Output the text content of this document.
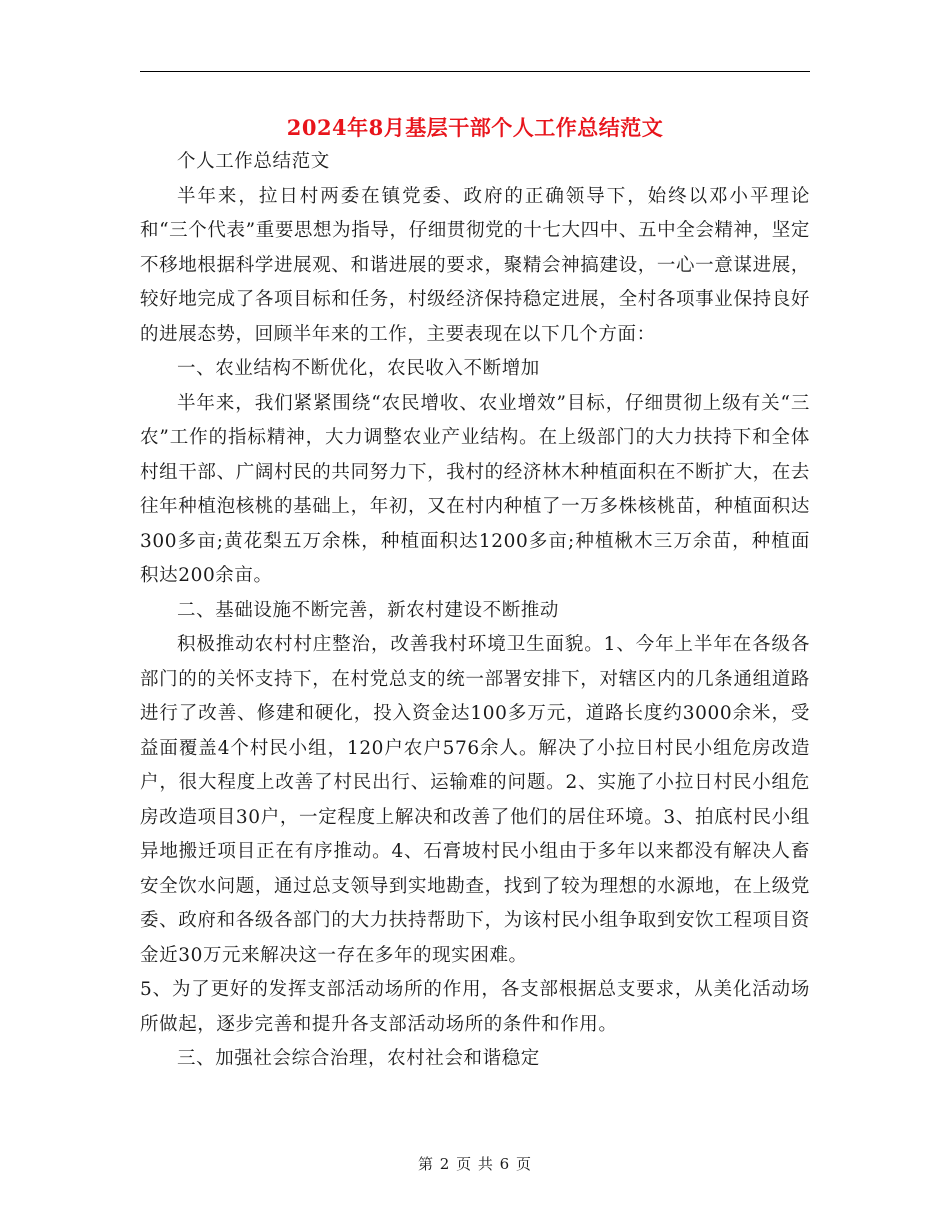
2024年8月基层干部个人工作总结范文

个人工作总结范文

半年来，拉日村两委在镇党委、政府的正确领导下，始终以邓小平理论和“三个代表”重要思想为指导，仔细贯彻党的十七大四中、五中全会精神，坚定不移地根据科学进展观、和谐进展的要求，聚精会神搞建设，一心一意谋进展，较好地完成了各项目标和任务，村级经济保持稳定进展，全村各项事业保持良好的进展态势，回顾半年来的工作，主要表现在以下几个方面：

一、农业结构不断优化，农民收入不断增加

半年来，我们紧紧围绕“农民增收、农业增效”目标，仔细贯彻上级有关“三农”工作的指标精神，大力调整农业产业结构。在上级部门的大力扶持下和全体村组干部、广阔村民的共同努力下，我村的经济林木种植面积在不断扩大，在去往年种植泡核桃的基础上，年初，又在村内种植了一万多株核桃苗，种植面积达300多亩;黄花梨五万余株，种植面积达1200多亩;种植楸木三万余苗，种植面积达200余亩。

二、基础设施不断完善，新农村建设不断推动

积极推动农村村庄整治，改善我村环境卫生面貌。1、今年上半年在各级各部门的的关怀支持下，在村党总支的统一部署安排下，对辖区内的几条通组道路进行了改善、修建和硬化，投入资金达100多万元，道路长度约3000余米，受益面覆盖4个村民小组，120户农户576余人。解决了小拉日村民小组危房改造户，很大程度上改善了村民出行、运输难的问题。2、实施了小拉日村民小组危房改造项目30户，一定程度上解决和改善了他们的居住环境。3、拍底村民小组异地搬迁项目正在有序推动。4、石膏坡村民小组由于多年以来都没有解决人畜安全饮水问题，通过总支领导到实地勘查，找到了较为理想的水源地，在上级党委、政府和各级各部门的大力扶持帮助下，为该村民小组争取到安饮工程项目资金近30万元来解决这一存在多年的现实困难。

5、为了更好的发挥支部活动场所的作用，各支部根据总支要求，从美化活动场所做起，逐步完善和提升各支部活动场所的条件和作用。

三、加强社会综合治理，农村社会和谐稳定

第 2 页 共 6 页
